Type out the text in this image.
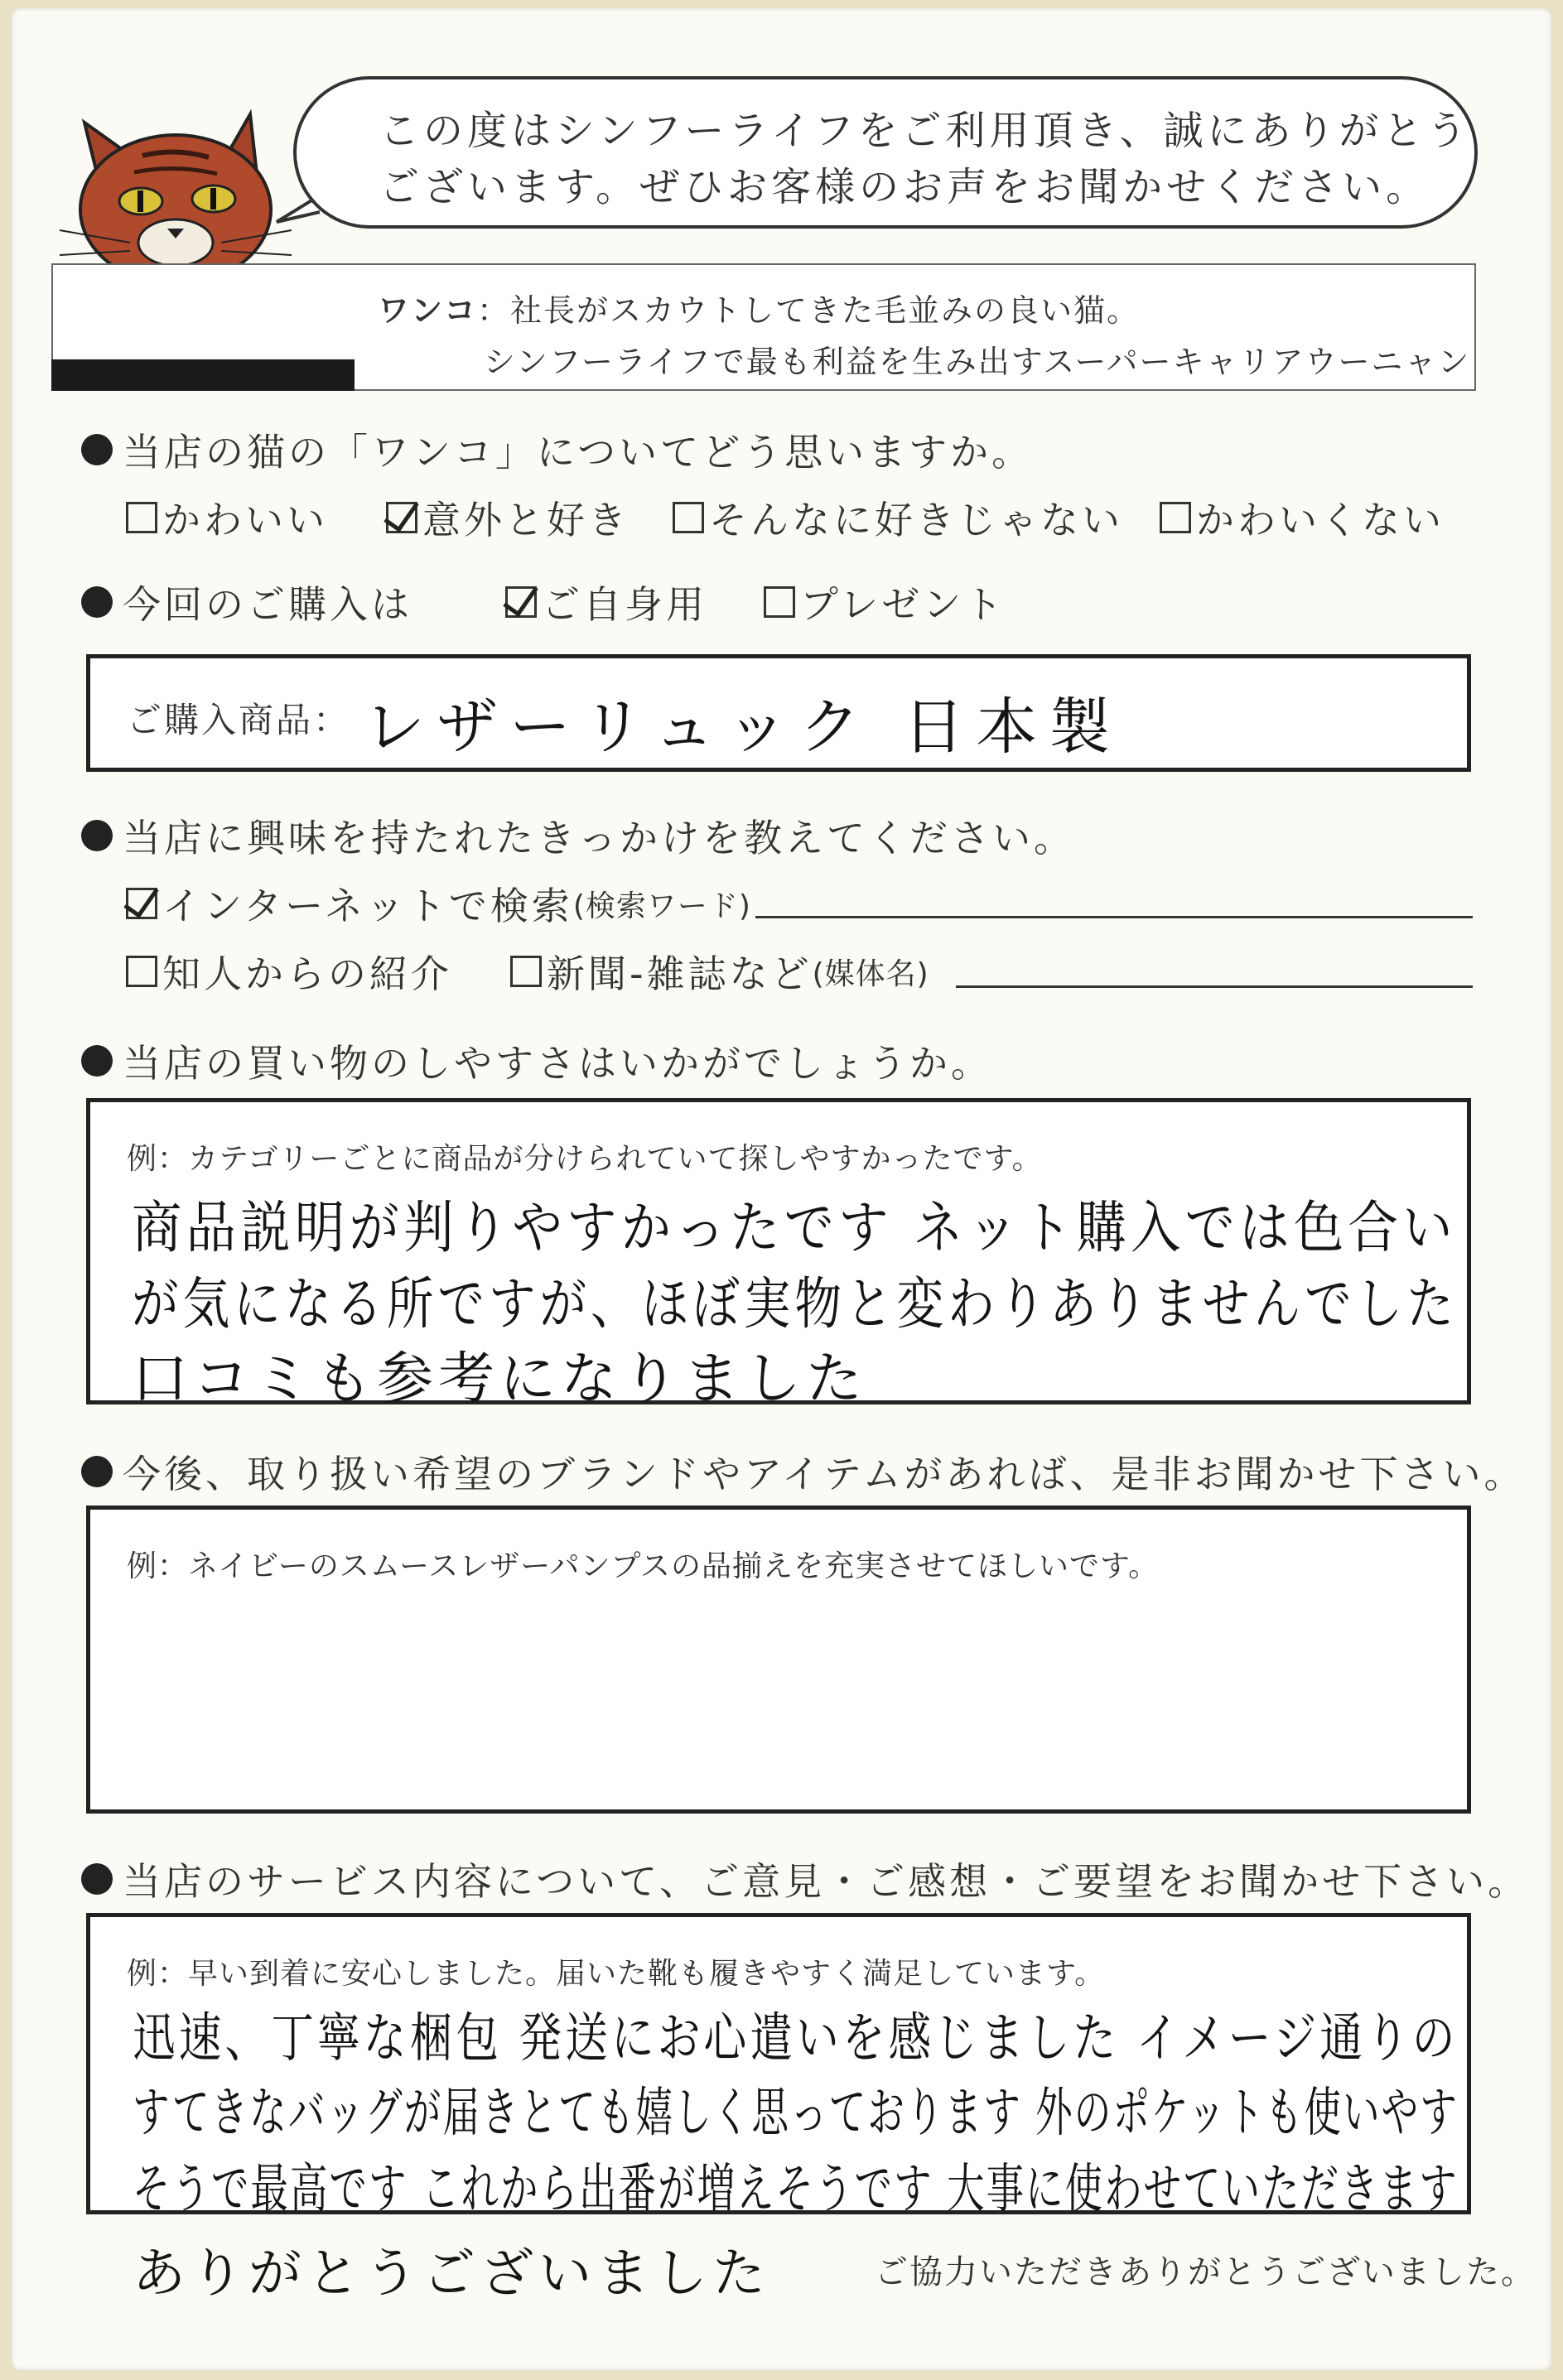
この度はシンフーライフをご利用頂き、誠にありがとう

ございます。ぜひお客様のお声をお聞かせください。

ワンコ：社長がスカウトしてきた毛並みの良い猫。
シンフーライフで最も利益を生み出すスーパーキャリアウーニャン
当店の猫の「ワンコ」についてどう思いますか。
かわいい 意外と好き そんなに好きじゃない かわいくない
今回のご購入は	ご自身用 プレゼント
ご購入商品： レザーリュック 日本製
当店に興味を持たれたきっかけを教えてください。
インターネットで検索 (検索ワード)
知人からの紹介 新聞-雑誌など (媒体名)
当店の買い物のしやすさはいかがでしょうか。
例：カテゴリーごとに商品が分けられていて探しやすかったです。
商品説明が判りやすかったです ネット購入では色合い
が気になる所ですが、ほぼ実物と変わりありませんでした
口コミも参考になりました
今後、取り扱い希望のブランドやアイテムがあれば、是非お聞かせ下さい。
例：ネイビーのスムースレザーパンプスの品揃えを充実させてほしいです。
当店のサービス内容について、ご意見・ご感想・ご要望をお聞かせ下さい。
例：早い到着に安心しました。届いた靴も履きやすく満足しています。
迅速、丁寧な梱包 発送にお心遣いを感じました イメージ通りの
すてきなバッグが届きとても嬉しく思っております 外のポケットも使いやす
そうで最高です これから出番が増えそうです 大事に使わせていただきます
ありがとうございました	ご協力いただきありがとうございました。
